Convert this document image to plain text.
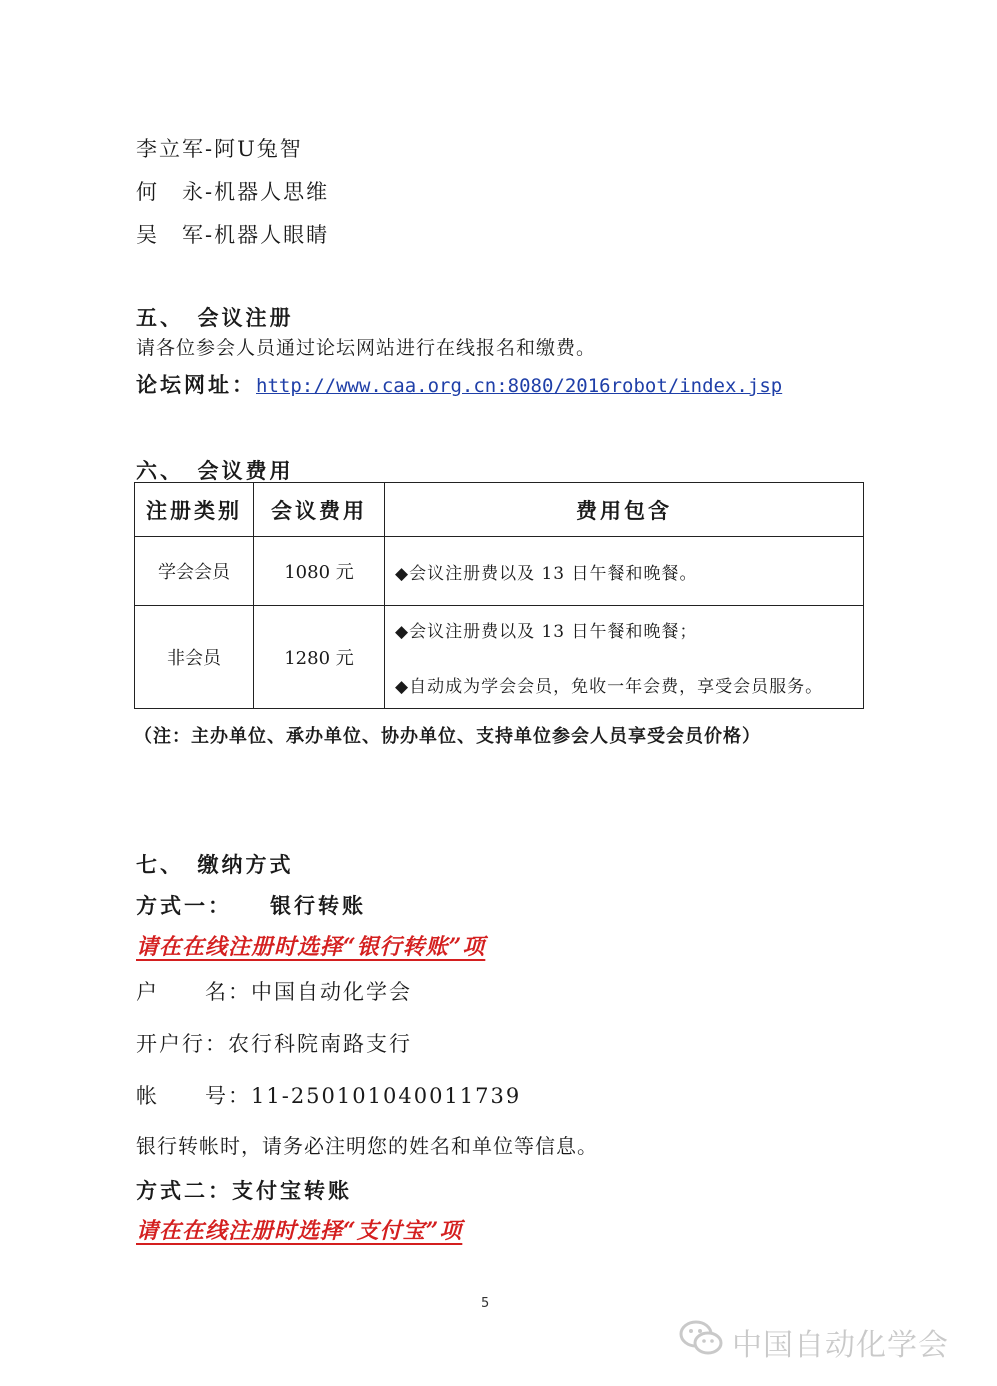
李立军-阿U兔智
何　永-机器人思维
吴　军-机器人眼睛
五、　会议注册
请各位参会人员通过论坛网站进行在线报名和缴费。
论坛网址：http://www.caa.org.cn:8080/2016robot/index.jsp
六、　会议费用
注册类别	会议费用	费用包含
学会会员	1080 元	◆会议注册费以及 13 日午餐和晚餐。

非会员	1280 元	◆会议注册费以及 13 日午餐和晚餐；
◆自动成为学会会员，免收一年会费，享受会员服务。
（注：主办单位、承办单位、协办单位、支持单位参会人员享受会员价格）
七、　缴纳方式
方式一： 银行转账
请在在线注册时选择“银行转账”项
户　　名：中国自动化学会
开户行：农行科院南路支行
帐　　号：11-250101040011739
银行转帐时，请务必注明您的姓名和单位等信息。
方式二：支付宝转账
请在在线注册时选择“支付宝”项
5
中国自动化学会
